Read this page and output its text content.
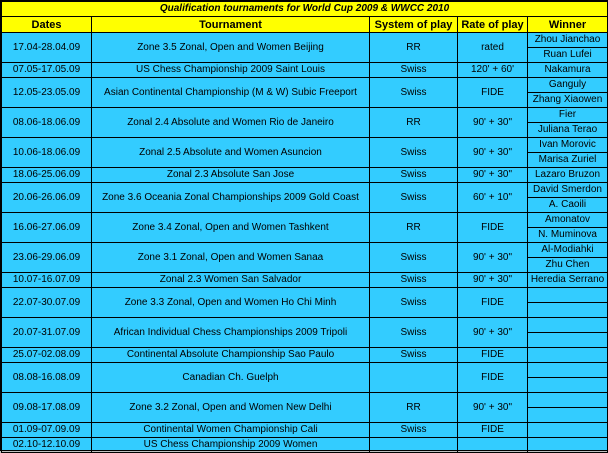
Qualification tournaments for World Cup 2009 & WWCC 2010				
Dates	Tournament	System of play	Rate of play	Winner
17.04-28.04.09	Zone 3.5 Zonal, Open and Women Beijing	RR	rated	Zhou Jianchao
				Ruan Lufei
07.05-17.05.09	US Chess Championship 2009 Saint Louis	Swiss	120' + 60'	Nakamura
12.05-23.05.09	Asian Continental Championship (M & W) Subic Freeport	Swiss	FIDE	Ganguly
				Zhang Xiaowen
08.06-18.06.09	Zonal 2.4 Absolute and Women Rio de Janeiro	RR	90' + 30"	Fier
				Juliana Terao
10.06-18.06.09	Zonal 2.5 Absolute and Women Asuncion	Swiss	90' + 30"	Ivan Morovic
				Marisa Zuriel
18.06-25.06.09	Zonal 2.3 Absolute San Jose	Swiss	90' + 30"	Lazaro Bruzon
20.06-26.06.09	Zone 3.6 Oceania Zonal Championships 2009 Gold Coast	Swiss	60' + 10"	David Smerdon
				A. Caoili
16.06-27.06.09	Zone 3.4 Zonal, Open and Women Tashkent	RR	FIDE	Amonatov
				N. Muminova
23.06-29.06.09	Zone 3.1 Zonal, Open and Women Sanaa	Swiss	90' + 30"	Al-Modiahki
				Zhu Chen
10.07-16.07.09	Zonal 2.3 Women San Salvador	Swiss	90' + 30"	Heredia Serrano
22.07-30.07.09	Zone 3.3 Zonal, Open and Women Ho Chi Minh	Swiss	FIDE	

20.07-31.07.09	African Individual Chess Championships 2009 Tripoli	Swiss	90' + 30"	

25.07-02.08.09	Continental Absolute Championship Sao Paulo	Swiss	FIDE	
08.08-16.08.09	Canadian Ch. Guelph		FIDE	

09.08-17.08.09	Zone 3.2 Zonal, Open and Women New Delhi	RR	90' + 30"	

01.09-07.09.09	Continental Women Championship Cali	Swiss	FIDE	
02.10-12.10.09	US Chess Championship 2009 Women			
